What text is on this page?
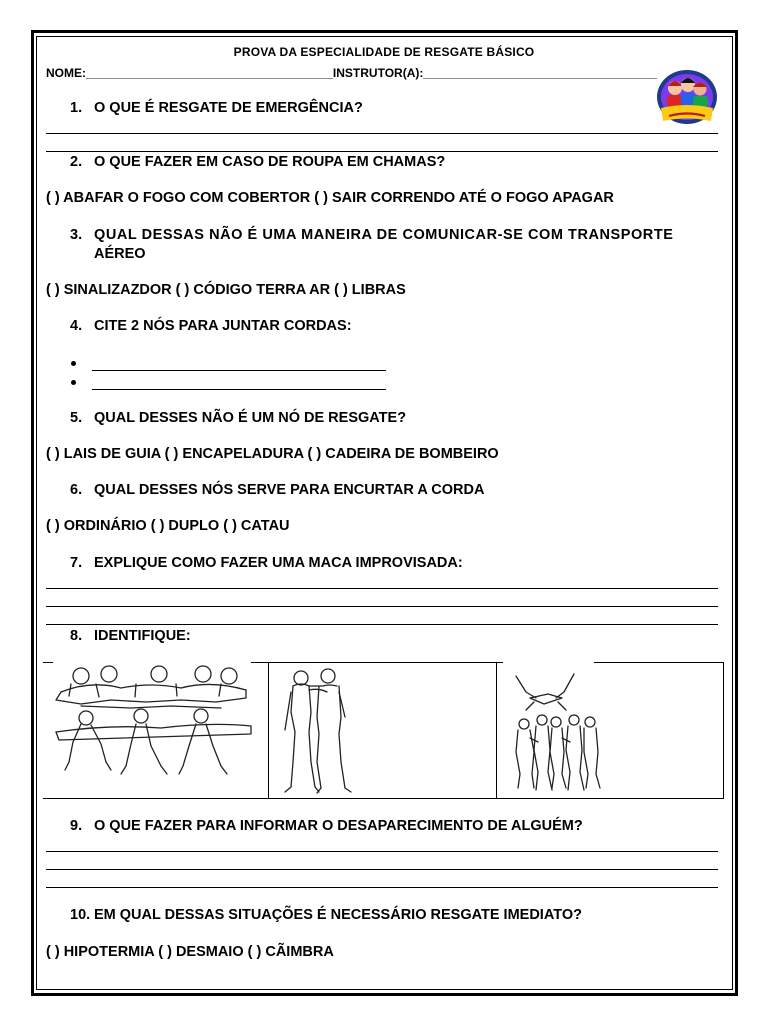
PROVA DA ESPECIALIDADE DE RESGATE BÁSICO
NOME:_____________________________________INSTRUTOR(A):___________________________________
1. O QUE É RESGATE DE EMERGÊNCIA?
2. O QUE FAZER EM CASO DE ROUPA EM CHAMAS?
( ) ABAFAR O FOGO COM COBERTOR ( ) SAIR CORRENDO ATÉ O FOGO APAGAR
3. QUAL DESSAS NÃO É UMA MANEIRA DE COMUNICAR-SE COM TRANSPORTE
AÉREO
( ) SINALIZAZDOR ( ) CÓDIGO TERRA AR ( ) LIBRAS
4. CITE 2 NÓS PARA JUNTAR CORDAS:
5. QUAL DESSES NÃO É UM NÓ DE RESGATE?
( ) LAIS DE GUIA ( ) ENCAPELADURA ( ) CADEIRA DE BOMBEIRO
6. QUAL DESSES NÓS SERVE PARA ENCURTAR A CORDA
( ) ORDINÁRIO ( ) DUPLO ( ) CATAU
7. EXPLIQUE COMO FAZER UMA MACA IMPROVISADA:
8. IDENTIFIQUE:
9. O QUE FAZER PARA INFORMAR O DESAPARECIMENTO DE ALGUÉM?
10. EM QUAL DESSAS SITUAÇÕES É NECESSÁRIO RESGATE IMEDIATO?
( ) HIPOTERMIA ( ) DESMAIO ( ) CÃIMBRA
